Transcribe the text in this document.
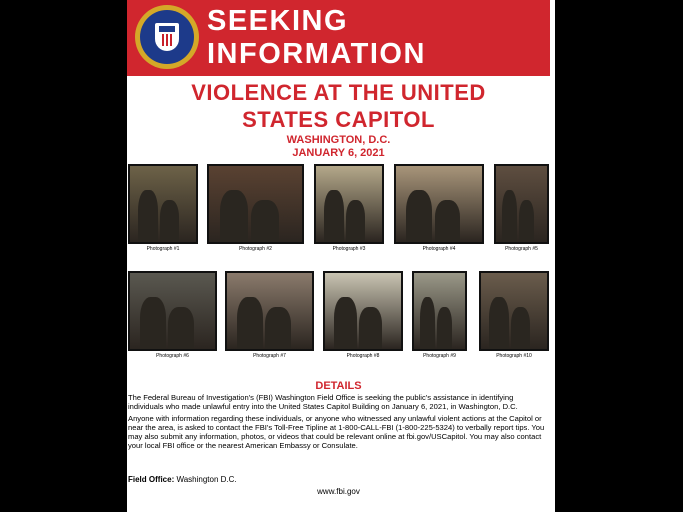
SEEKING
INFORMATION
VIOLENCE AT THE UNITED
STATES CAPITOL
WASHINGTON, D.C.
JANUARY 6, 2021
Photograph #1	Photograph #2	Photograph #3	Photograph #4	Photograph #5
Photograph #6	Photograph #7	Photograph #8	Photograph #9	Photograph #10
DETAILS
The Federal Bureau of Investigation's (FBI) Washington Field Office is seeking the public's assistance in identifying individuals who made unlawful entry into the United States Capitol Building on January 6, 2021, in Washington, D.C.
Anyone with information regarding these individuals, or anyone who witnessed any unlawful violent actions at the Capitol or near the area, is asked to contact the FBI's Toll-Free Tipline at 1-800-CALL-FBI (1-800-225-5324) to verbally report tips. You may also submit any information, photos, or videos that could be relevant online at fbi.gov/USCapitol. You may also contact your local FBI office or the nearest American Embassy or Consulate.
Field Office: Washington D.C.
www.fbi.gov
